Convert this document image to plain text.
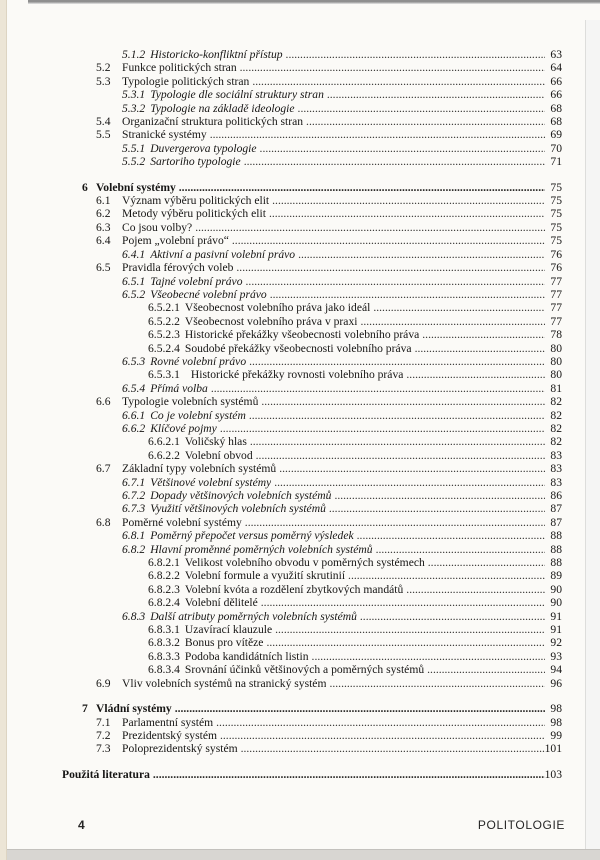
5.1.2 Historicko-konfliktní přístup .....	63
5.2 Funkce politických stran .....	64
5.3 Typologie politických stran .....	66
5.3.1 Typologie dle sociální struktury stran .....	66
5.3.2 Typologie na základě ideologie .....	68
5.4 Organizační struktura politických stran .....	68
5.5 Stranické systémy .....	69
5.5.1 Duvergerova typologie .....	70
5.5.2 Sartoriho typologie .....	71
6 Volební systémy .....	75
6.1 Význam výběru politických elit .....	75
6.2 Metody výběru politických elit .....	75
6.3 Co jsou volby? .....	75
6.4 Pojem „volební právo“ .....	75
6.4.1 Aktivní a pasivní volební právo .....	76
6.5 Pravidla férových voleb .....	76
6.5.1 Tajné volební právo .....	77
6.5.2 Všeobecné volební právo .....	77
6.5.2.1 Všeobecnost volebního práva jako ideál .....	77
6.5.2.2 Všeobecnost volebního práva v praxi .....	77
6.5.2.3 Historické překážky všeobecnosti volebního práva .....	78
6.5.2.4 Soudobé překážky všeobecnosti volebního práva .....	80
6.5.3 Rovné volební právo .....	80
6.5.3.1 Historické překážky rovnosti volebního práva .....	80
6.5.4 Přímá volba .....	81
6.6 Typologie volebních systémů .....	82
6.6.1 Co je volební systém .....	82
6.6.2 Klíčové pojmy .....	82
6.6.2.1 Voličský hlas .....	82
6.6.2.2 Volební obvod .....	83
6.7 Základní typy volebních systémů .....	83
6.7.1 Většinové volební systémy .....	83
6.7.2 Dopady většinových volebních systémů .....	86
6.7.3 Využití většinových volebních systémů .....	87
6.8 Poměrné volební systémy .....	87
6.8.1 Poměrný přepočet versus poměrný výsledek .....	88
6.8.2 Hlavní proměnné poměrných volebních systémů .....	88
6.8.2.1 Velikost volebního obvodu v poměrných systémech .....	88
6.8.2.2 Volební formule a využití skrutinií .....	89
6.8.2.3 Volební kvóta a rozdělení zbytkových mandátů .....	90
6.8.2.4 Volební dělitelé .....	90
6.8.3 Další atributy poměrných volebních systémů .....	91
6.8.3.1 Uzavírací klauzule .....	91
6.8.3.2 Bonus pro vítěze .....	92
6.8.3.3 Podoba kandidátních listin .....	93
6.8.3.4 Srovnání účinků většinových a poměrných systémů .....	94
6.9 Vliv volebních systémů na stranický systém .....	96
7 Vládní systémy .....	98
7.1 Parlamentní systém .....	98
7.2 Prezidentský systém .....	99
7.3 Poloprezidentský systém .....	101
Použitá literatura .....	103
4	POLITOLOGIE
